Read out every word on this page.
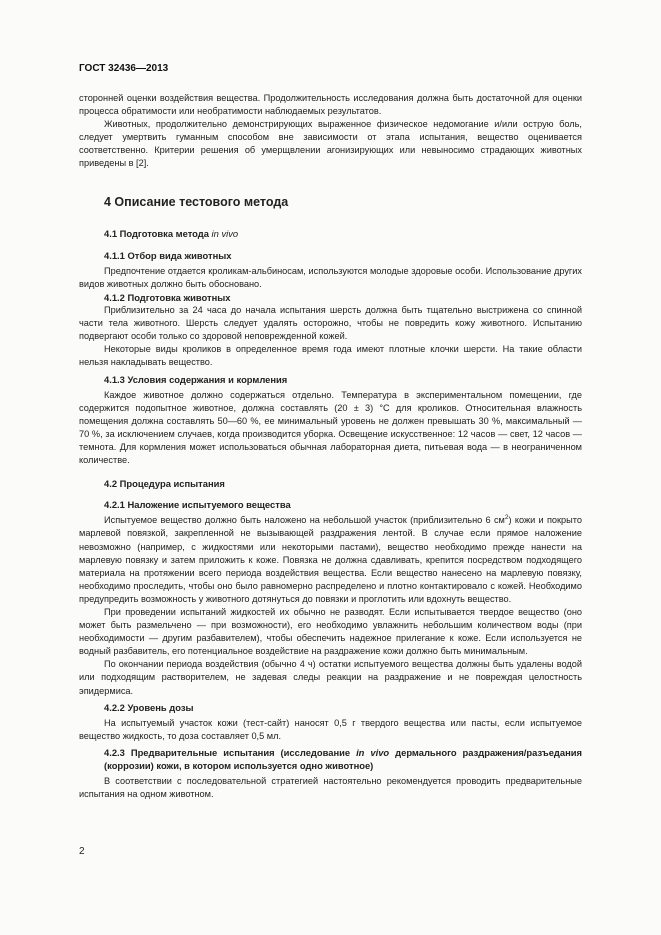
ГОСТ 32436—2013

сторонней оценки воздействия вещества. Продолжительность исследования должна быть достаточной для оценки процесса обратимости или необратимости наблюдаемых результатов.

Животных, продолжительно демонстрирующих выраженное физическое недомогание и/или острую боль, следует умертвить гуманным способом вне зависимости от этапа испытания, вещество оценивается соответственно. Критерии решения об умерщвлении агонизирующих или невыносимо страдающих животных приведены в [2].

4 Описание тестового метода
4.1 Подготовка метода in vivo
4.1.1 Отбор вида животных

Предпочтение отдается кроликам-альбиносам, используются молодые здоровые особи. Использование других видов животных должно быть обосновано.

4.1.2 Подготовка животных

Приблизительно за 24 часа до начала испытания шерсть должна быть тщательно выстрижена со спинной части тела животного. Шерсть следует удалять осторожно, чтобы не повредить кожу животного. Испытанию подвергают особи только со здоровой неповрежденной кожей.

Некоторые виды кроликов в определенное время года имеют плотные клочки шерсти. На такие области нельзя накладывать вещество.

4.1.3 Условия содержания и кормления

Каждое животное должно содержаться отдельно. Температура в экспериментальном помещении, где содержится подопытное животное, должна составлять (20 ± 3) °С для кроликов. Относительная влажность помещения должна составлять 50—60 %, ее минимальный уровень не должен превышать 30 %, максимальный — 70 %, за исключением случаев, когда производится уборка. Освещение искусственное: 12 часов — свет, 12 часов — темнота. Для кормления может использоваться обычная лабораторная диета, питьевая вода — в неограниченном количестве.

4.2 Процедура испытания
4.2.1 Наложение испытуемого вещества

Испытуемое вещество должно быть наложено на небольшой участок (приблизительно 6 $см^2$) кожи и покрыто марлевой повязкой, закрепленной не вызывающей раздражения лентой. В случае если прямое наложение невозможно (например, с жидкостями или некоторыми пастами), вещество необходимо прежде нанести на марлевую повязку и затем приложить к коже. Повязка не должна сдавливать, крепится посредством подходящего материала на протяжении всего периода воздействия вещества. Если вещество нанесено на марлевую повязку, необходимо проследить, чтобы оно было равномерно распределено и плотно контактировало с кожей. Необходимо предупредить возможность у животного дотянуться до повязки и проглотить или вдохнуть вещество.

При проведении испытаний жидкостей их обычно не разводят. Если испытывается твердое вещество (оно может быть размельчено — при возможности), его необходимо увлажнить небольшим количеством воды (при необходимости — другим разбавителем), чтобы обеспечить надежное прилегание к коже. Если используется не водный разбавитель, его потенциальное воздействие на раздражение кожи должно быть минимальным.

По окончании периода воздействия (обычно 4 ч) остатки испытуемого вещества должны быть удалены водой или подходящим растворителем, не задевая следы реакции на раздражение и не повреждая целостность эпидермиса.

4.2.2 Уровень дозы

На испытуемый участок кожи (тест-сайт) наносят 0,5 г твердого вещества или пасты, если испытуемое вещество жидкость, то доза составляет 0,5 мл.

4.2.3 Предварительные испытания (исследование in vivo дермального раздражения/разъедания (коррозии) кожи, в котором используется одно животное)

В соответствии с последовательной стратегией настоятельно рекомендуется проводить предварительные испытания на одном животном.

2
